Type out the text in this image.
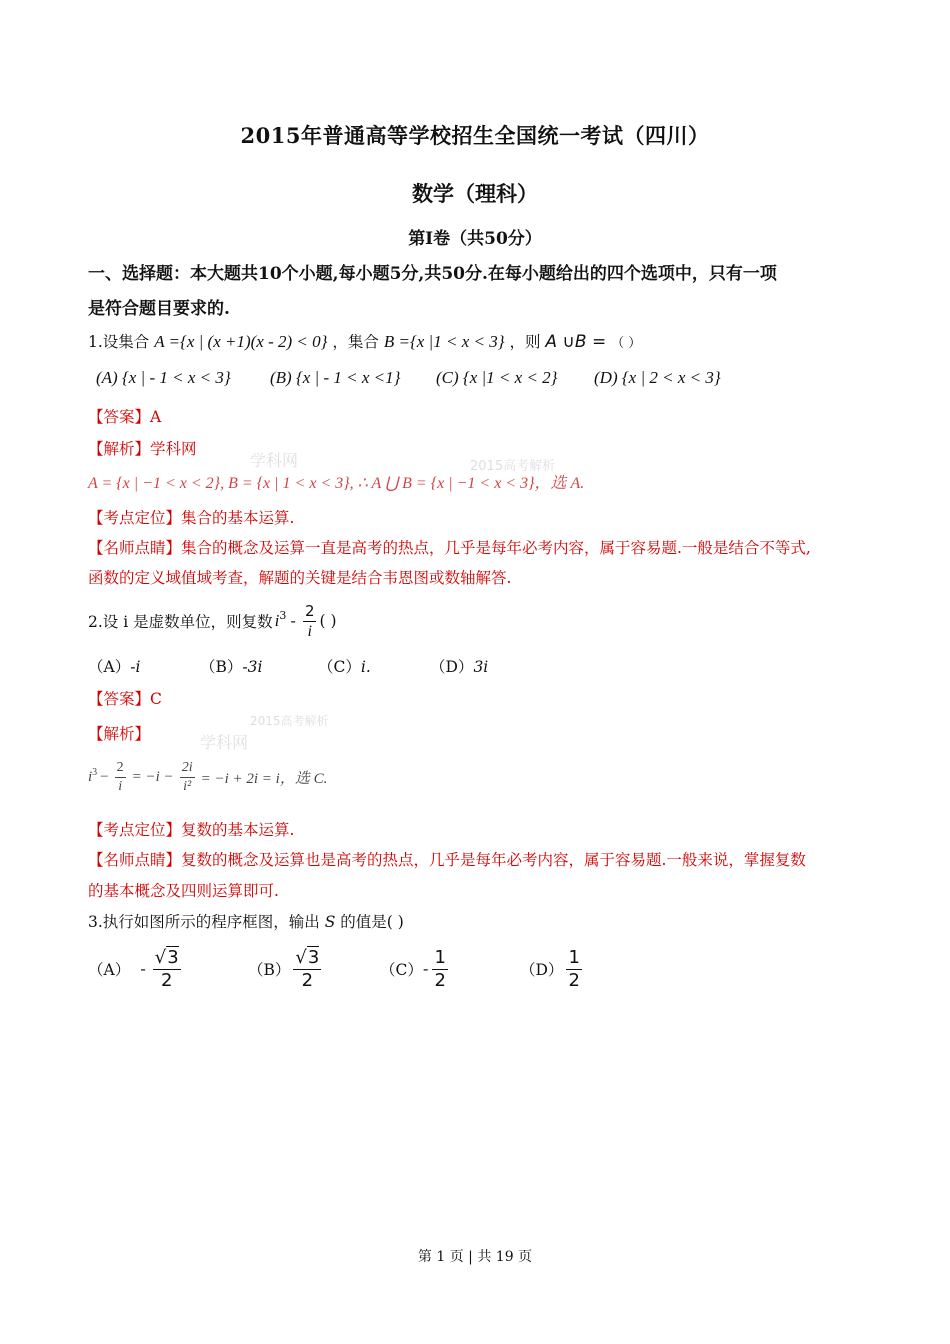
2015年普通高等学校招生全国统一考试（四川）
数学（理科）
第Ⅰ卷（共50分）
一、选择题：本大题共10个小题,每小题5分,共50分.在每小题给出的四个选项中，只有一项
是符合题目要求的.
1.设集合 A ={x | (x +1)(x - 2) < 0} ，集合 B ={x |1 < x < 3} ，则 A ∪B = （ ）
(A) {x | - 1 < x < 3} (B) {x | - 1 < x <1} (C) {x |1 < x < 2} (D) {x | 2 < x < 3}
【答案】A
【解析】学科网
学科网	2015高考解析
A = {x | −1 < x < 2}, B = {x | 1 < x < 3}, ∴ A ⋃ B = {x | −1 < x < 3}，选 A.
【考点定位】集合的基本运算.
【名师点睛】集合的概念及运算一直是高考的热点，几乎是每年必考内容，属于容易题.一般是结合不等式,
函数的定义域值域考查，解题的关键是结合韦恩图或数轴解答.
2.设 i 是虚数单位，则复数 $i^3 - \frac{2}{i}$ ( )
（A）-i	（B）-3i	（C）i.	（D）3i
【答案】C
【解析】	学科网
2015高考解析
$i^3 - \frac{2}{i} = -i - \frac{2i}{\text{i²}} = -i + 2i = i$，选 C.
【考点定位】复数的基本运算.
【名师点睛】复数的概念及运算也是高考的热点，几乎是每年必考内容，属于容易题.一般来说，掌握复数
的基本概念及四则运算即可.
3.执行如图所示的程序框图，输出 S 的值是( )
$(A) - \frac{√3}{2}$	$(B) \frac{√3}{2}$	$(C) - \frac{1}{2}$	$(D) \frac{1}{2}$
第 1 页 | 共 19 页
